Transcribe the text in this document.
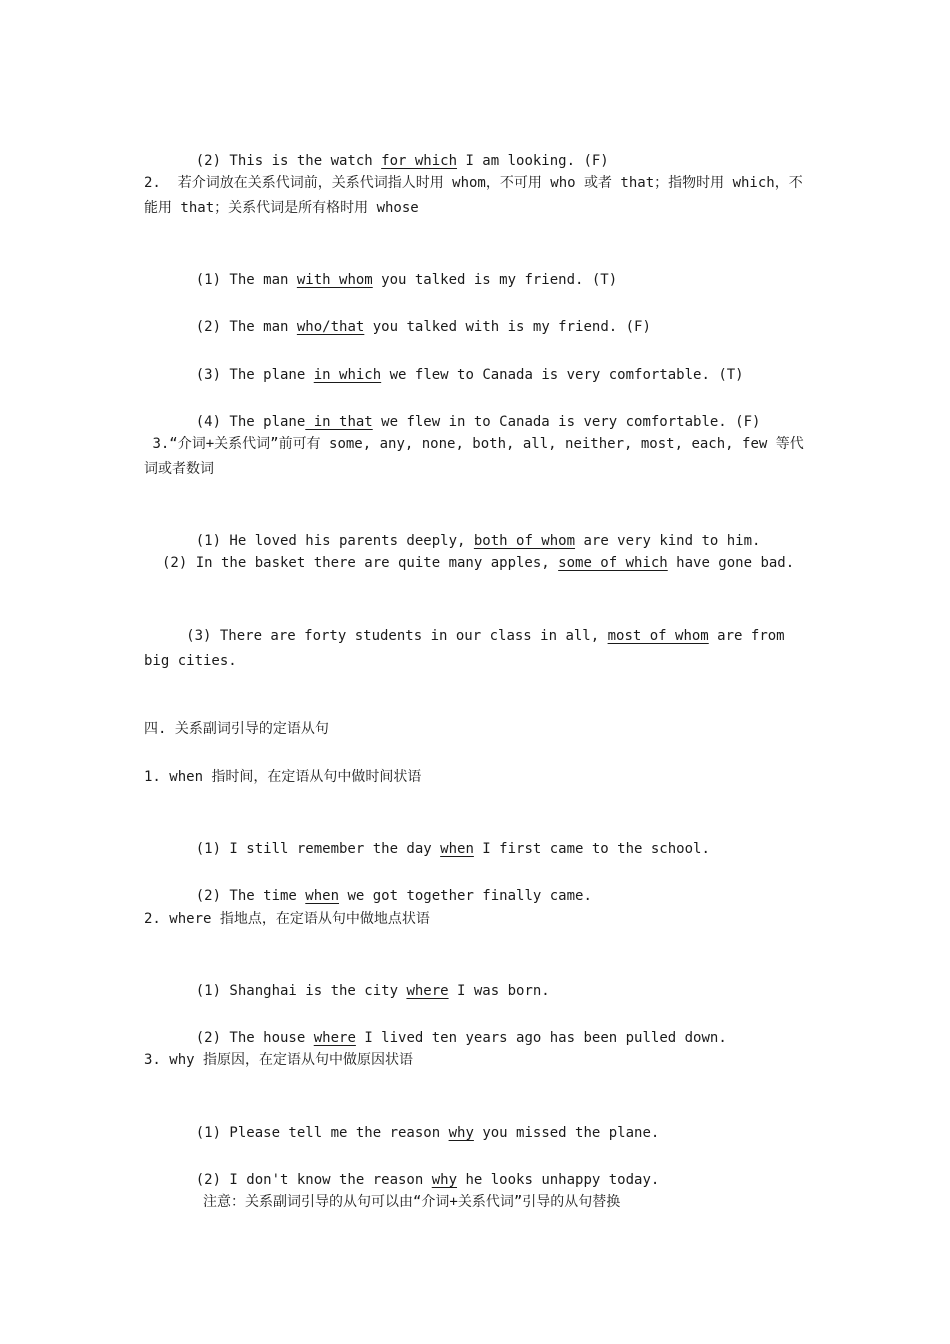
(2) This is the watch for which I am looking. (F)

2.  若介词放在关系代词前，关系代词指人时用 whom，不可用 who 或者 that；指物时用 which，不能用 that；关系代词是所有格时用 whose

(1) The man with whom you talked is my friend. (T)

(2) The man who/that you talked with is my friend. (F)

(3) The plane in which we flew to Canada is very comfortable. (T)

(4) The plane in that we flew in to Canada is very comfortable. (F)

3.“介词+关系代词”前可有 some, any, none, both, all, neither, most, each, few 等代词或者数词

(1) He loved his parents deeply, both of whom are very kind to him.

(2) In the basket there are quite many apples, some of which have gone bad.

(3) There are forty students in our class in all, most of whom are from big cities.

四. 关系副词引导的定语从句
1. when 指时间，在定语从句中做时间状语

(1) I still remember the day when I first came to the school.

(2) The time when we got together finally came.

2. where 指地点，在定语从句中做地点状语

(1) Shanghai is the city where I was born.

(2) The house where I lived ten years ago has been pulled down.

3. why 指原因，在定语从句中做原因状语

(1) Please tell me the reason why you missed the plane.

(2) I don't know the reason why he looks unhappy today.

注意：关系副词引导的从句可以由“介词+关系代词”引导的从句替换
